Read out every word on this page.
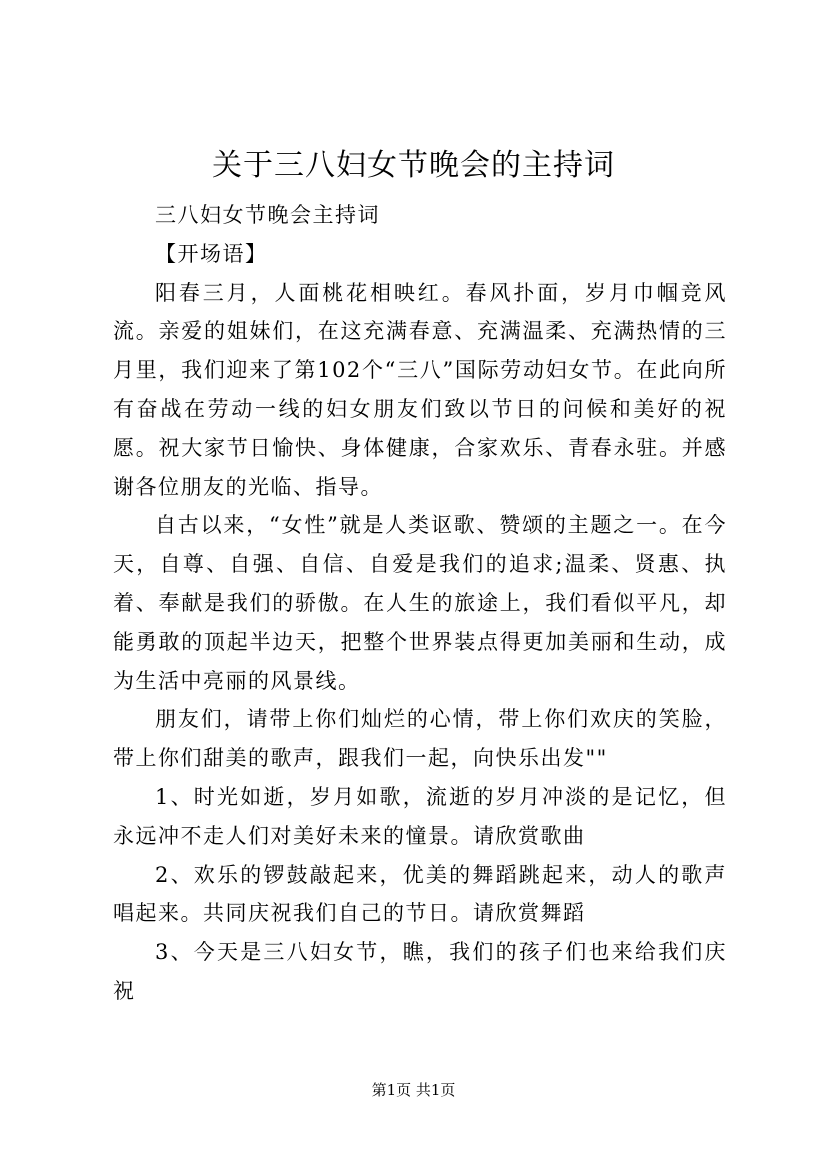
关于三八妇女节晚会的主持词

三八妇女节晚会主持词

【开场语】

阳春三月，人面桃花相映红。春风扑面，岁月巾帼竞风流。亲爱的姐妹们，在这充满春意、充满温柔、充满热情的三月里，我们迎来了第102个“三八”国际劳动妇女节。在此向所有奋战在劳动一线的妇女朋友们致以节日的问候和美好的祝愿。祝大家节日愉快、身体健康，合家欢乐、青春永驻。并感谢各位朋友的光临、指导。

自古以来，“女性”就是人类讴歌、赞颂的主题之一。在今天，自尊、自强、自信、自爱是我们的追求;温柔、贤惠、执着、奉献是我们的骄傲。在人生的旅途上，我们看似平凡，却能勇敢的顶起半边天，把整个世界装点得更加美丽和生动，成为生活中亮丽的风景线。

朋友们，请带上你们灿烂的心情，带上你们欢庆的笑脸，带上你们甜美的歌声，跟我们一起，向快乐出发""

1、时光如逝，岁月如歌，流逝的岁月冲淡的是记忆，但永远冲不走人们对美好未来的憧景。请欣赏歌曲

2、欢乐的锣鼓敲起来，优美的舞蹈跳起来，动人的歌声唱起来。共同庆祝我们自己的节日。请欣赏舞蹈

3、今天是三八妇女节，瞧，我们的孩子们也来给我们庆祝

第1页 共1页
